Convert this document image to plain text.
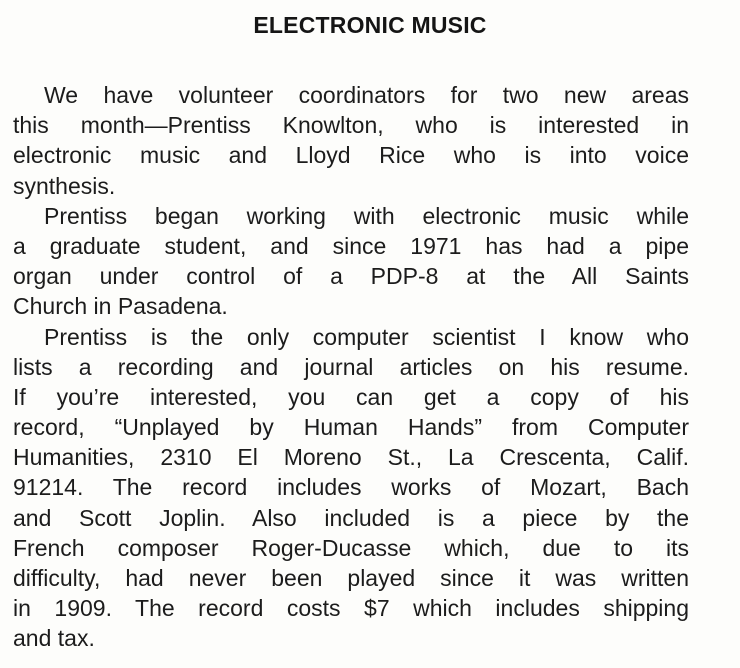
ELECTRONIC MUSIC
We have volunteer coordinators for two new areas
this month—Prentiss Knowlton, who is interested in
electronic music and Lloyd Rice who is into voice
synthesis.
Prentiss began working with electronic music while
a graduate student, and since 1971 has had a pipe
organ under control of a PDP-8 at the All Saints
Church in Pasadena.
Prentiss is the only computer scientist I know who
lists a recording and journal articles on his resume.
If you’re interested, you can get a copy of his
record, “Unplayed by Human Hands” from Computer
Humanities, 2310 El Moreno St., La Crescenta, Calif.
91214. The record includes works of Mozart, Bach
and Scott Joplin. Also included is a piece by the
French composer Roger-Ducasse which, due to its
difficulty, had never been played since it was written
in 1909. The record costs $7 which includes shipping
and tax.
